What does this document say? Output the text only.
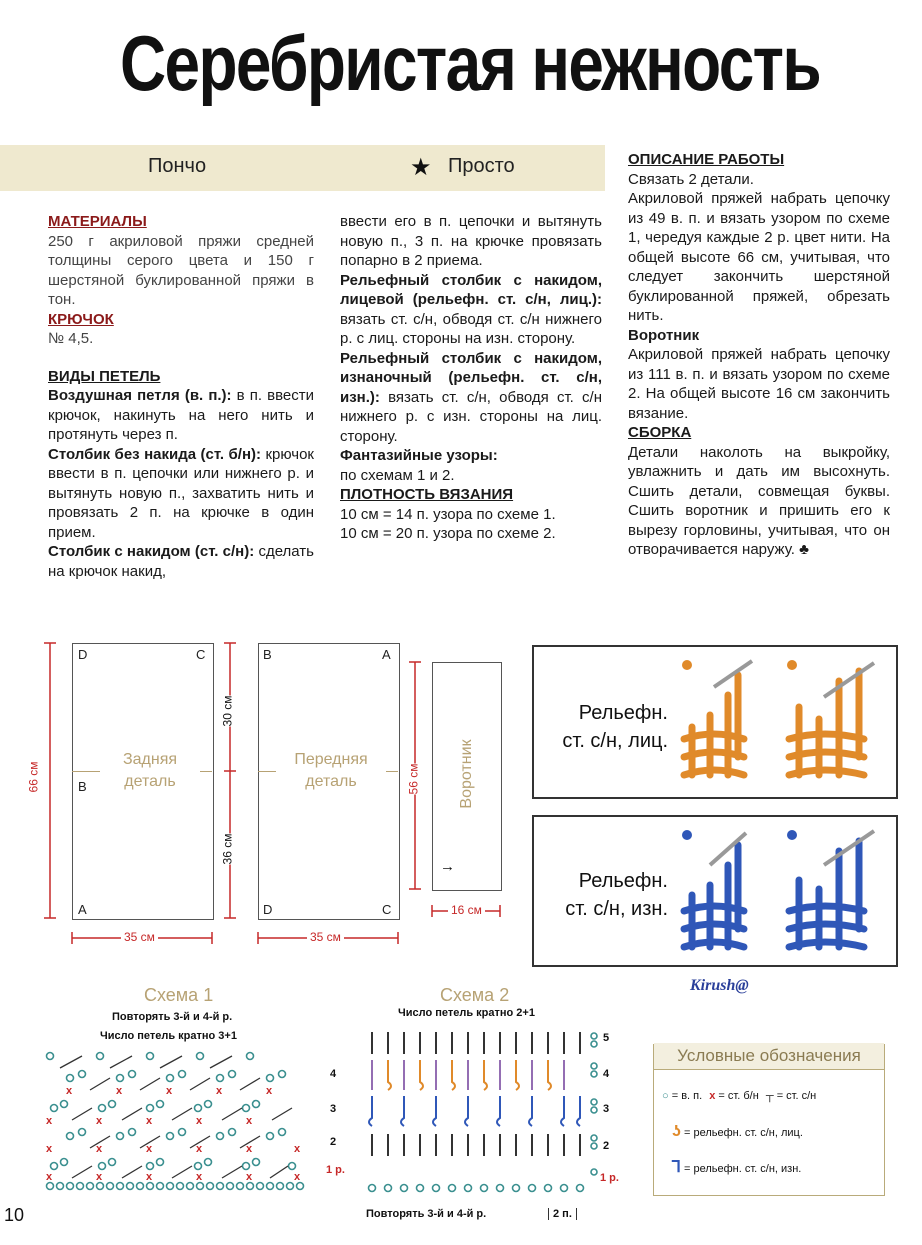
Серебристая нежность
Пончо	★ Просто

МАТЕРИАЛЫ

250 г акриловой пряжи средней толщины серого цвета и 150 г шерстяной буклированной пряжи в тон.

КРЮЧОК

№ 4,5.

ВИДЫ ПЕТЕЛЬ

Воздушная петля (в. п.): в п. ввести крючок, накинуть на него нить и протянуть через п.

Столбик без накида (ст. б/н): крючок ввести в п. цепочки или нижнего р. и вытянуть новую п., захватить нить и провязать 2 п. на крючке в один прием.

Столбик с накидом (ст. с/н): сделать на крючок накид,

ввести его в п. цепочки и вытянуть новую п., 3 п. на крючке провязать попарно в 2 приема.

Рельефный столбик с накидом, лицевой (рельефн. ст. с/н, лиц.): вязать ст. с/н, обводя ст. с/н нижнего р. с лиц. стороны на изн. сторону.

Рельефный столбик с накидом, изнаночный (рельефн. ст. с/н, изн.): вязать ст. с/н, обводя ст. с/н нижнего р. с изн. стороны на лиц. сторону.

Фантазийные узоры:

по схемам 1 и 2.

ПЛОТНОСТЬ ВЯЗАНИЯ

10 см = 14 п. узора по схеме 1.

10 см = 20 п. узора по схеме 2.

ОПИСАНИЕ РАБОТЫ

Связать 2 детали.

Акриловой пряжей набрать цепочку из 49 в. п. и вязать узором по схеме 1, чередуя каждые 2 р. цвет нити. На общей высоте 66 см, учитывая, что следует закончить шерстяной буклированной пряжей, обрезать нить.

Воротник

Акриловой пряжей набрать цепочку из 111 в. п. и вязать узором по схеме 2. На общей высоте 16 см закончить вязание.

СБОРКА

Детали наколоть на выкройку, увлажнить и дать им высохнуть. Сшить детали, совмещая буквы. Сшить воротник и пришить его к вырезу горловины, учитывая, что он отворачивается наружу. ♣

D	C
B
A
Задняя
деталь
B	A
D	C
Передняя
деталь	Воротник
→
66 см
30 см
36 см
56 см
35 см	35 см
16 см
Рельефн.
ст. с/н, лиц.
Рельефн.
ст. с/н, изн.
Kirush@
Схема 1
Повторять 3-й и 4-й р.
Число петель кратно 3+1
x	x	x	x	x	x
x	x	x	x	x	x
x	x	x	x	x
x	x	x	x	x
4
3
2
1 р.
Схема 2
Число петель кратно 2+1
5
4
3
2
1 р.
Повторять 3-й и 4-й р.	2 п.
Условные обозначения
○ = в. п. x = ст. б/н ┬ = ст. с/н
ʖ = рельефн. ст. с/н, лиц.
Ꞁ = рельефн. ст. с/н, изн.
10
